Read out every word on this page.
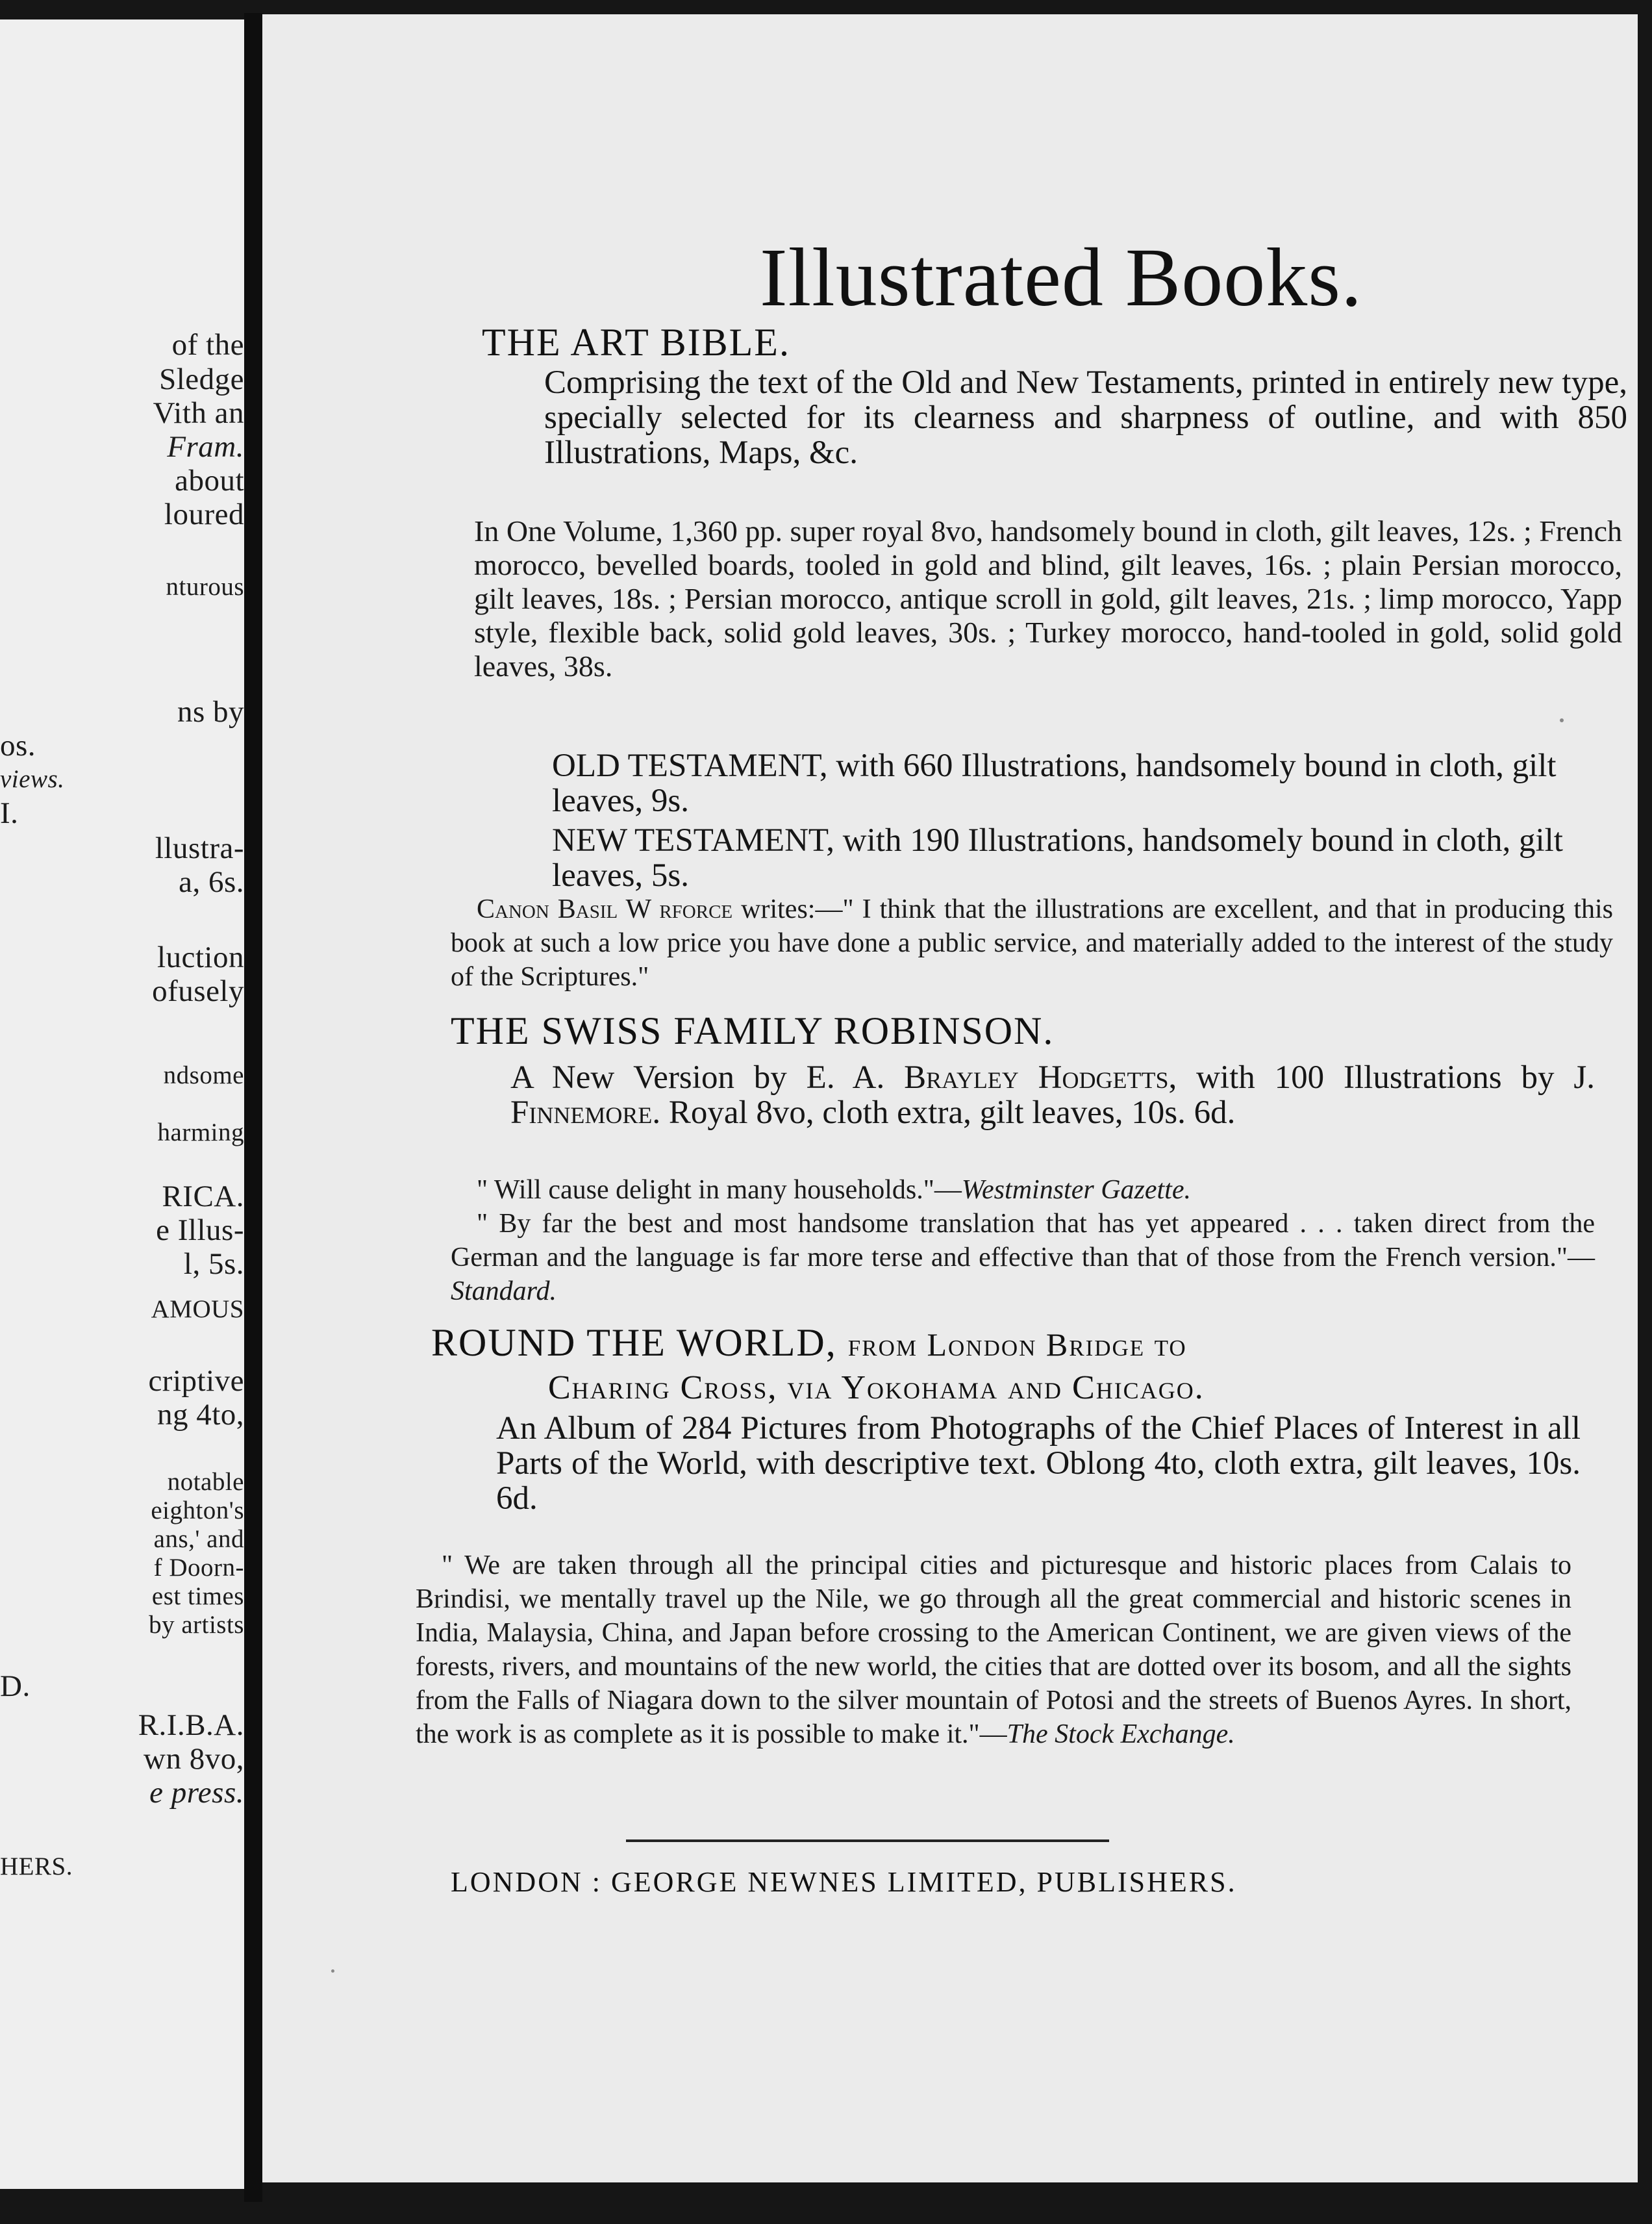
of the
Sledge
Vith an
Fram.
about
loured
nturous
ns by
os.
views.
I.
llustra-
a, 6s.
luction
ofusely
ndsome
harming
RICA.
e Illus-
l, 5s.
AMOUS
criptive
ng 4to,
notable
eighton's
ans,' and
f Doorn-
est times
by artists
D.
R.I.B.A.
wn 8vo,
e press.
HERS.
Illustrated Books.
THE ART BIBLE.
Comprising the text of the Old and New Testaments, printed in entirely new type, specially selected for its clearness and sharpness of outline, and with 850 Illustrations, Maps, &c.
In One Volume, 1,360 pp. super royal 8vo, handsomely bound in cloth, gilt leaves, 12s. ; French morocco, bevelled boards, tooled in gold and blind, gilt leaves, 16s. ; plain Persian morocco, gilt leaves, 18s. ; Persian morocco, antique scroll in gold, gilt leaves, 21s. ; limp morocco, Yapp style, flexible back, solid gold leaves, 30s. ; Turkey morocco, hand-tooled in gold, solid gold leaves, 38s.
OLD TESTAMENT, with 660 Illustrations, handsomely bound in cloth, gilt leaves, 9s.
NEW TESTAMENT, with 190 Illustrations, handsomely bound in cloth, gilt leaves, 5s.
Canon Basil W rforce writes:—" I think that the illustrations are excellent, and that in producing this book at such a low price you have done a public service, and materially added to the interest of the study of the Scriptures."
THE SWISS FAMILY ROBINSON.
A New Version by E. A. Brayley Hodgetts, with 100 Illustrations by J. Finnemore. Royal 8vo, cloth extra, gilt leaves, 10s. 6d.
" Will cause delight in many households."—Westminster Gazette.
" By far the best and most handsome translation that has yet appeared . . . taken direct from the German and the language is far more terse and effective than that of those from the French version."—Standard.
ROUND THE WORLD, from London Bridge to
Charing Cross, via Yokohama and Chicago.
An Album of 284 Pictures from Photographs of the Chief Places of Interest in all Parts of the World, with descriptive text. Oblong 4to, cloth extra, gilt leaves, 10s. 6d.
" We are taken through all the principal cities and picturesque and historic places from Calais to Brindisi, we mentally travel up the Nile, we go through all the great commercial and historic scenes in India, Malaysia, China, and Japan before crossing to the American Continent, we are given views of the forests, rivers, and mountains of the new world, the cities that are dotted over its bosom, and all the sights from the Falls of Niagara down to the silver mountain of Potosi and the streets of Buenos Ayres. In short, the work is as complete as it is possible to make it."—The Stock Exchange.
LONDON : GEORGE NEWNES LIMITED, PUBLISHERS.
